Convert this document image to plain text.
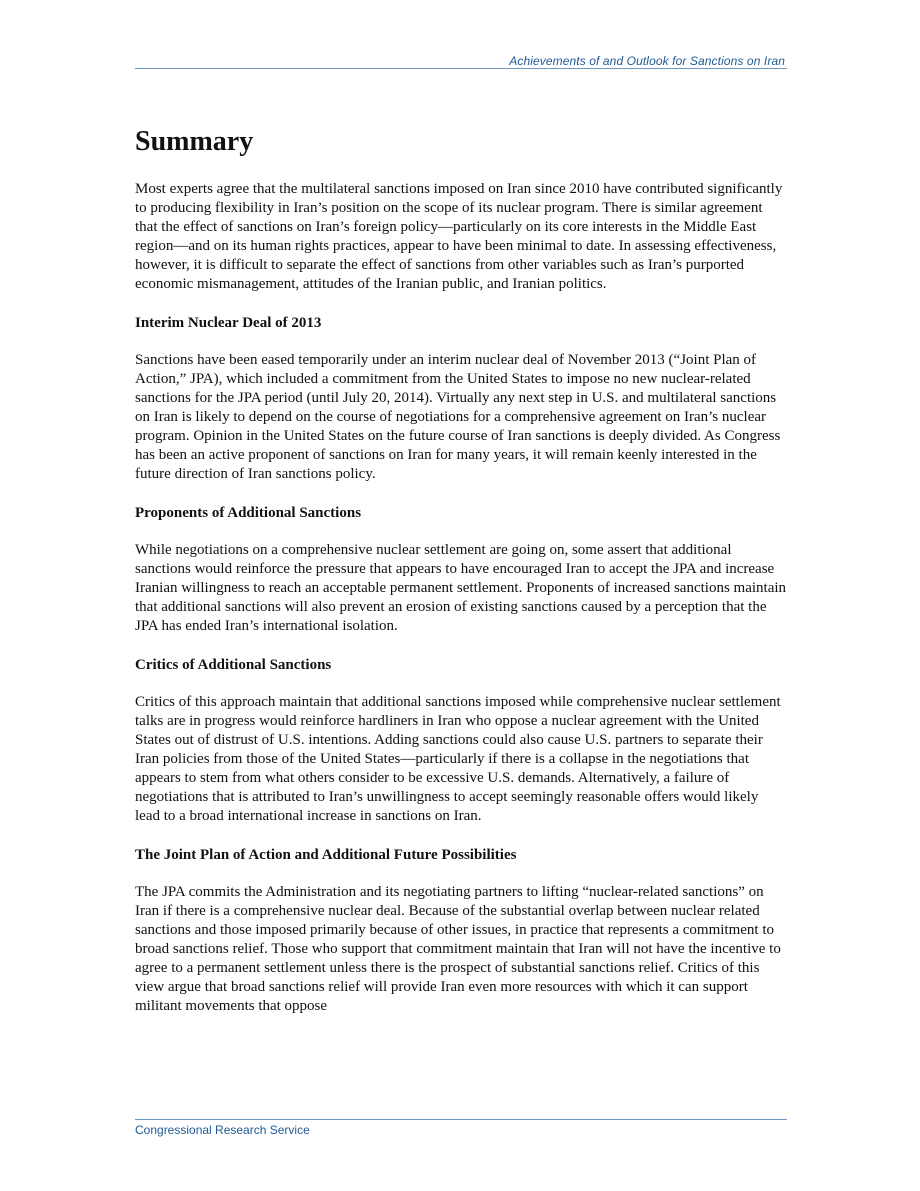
Achievements of and Outlook for Sanctions on Iran
Summary

Most experts agree that the multilateral sanctions imposed on Iran since 2010 have contributed significantly to producing flexibility in Iran’s position on the scope of its nuclear program. There is similar agreement that the effect of sanctions on Iran’s foreign policy—particularly on its core interests in the Middle East region—and on its human rights practices, appear to have been minimal to date. In assessing effectiveness, however, it is difficult to separate the effect of sanctions from other variables such as Iran’s purported economic mismanagement, attitudes of the Iranian public, and Iranian politics.

Interim Nuclear Deal of 2013

Sanctions have been eased temporarily under an interim nuclear deal of November 2013 (“Joint Plan of Action,” JPA), which included a commitment from the United States to impose no new nuclear-related sanctions for the JPA period (until July 20, 2014). Virtually any next step in U.S. and multilateral sanctions on Iran is likely to depend on the course of negotiations for a comprehensive agreement on Iran’s nuclear program. Opinion in the United States on the future course of Iran sanctions is deeply divided. As Congress has been an active proponent of sanctions on Iran for many years, it will remain keenly interested in the future direction of Iran sanctions policy.

Proponents of Additional Sanctions

While negotiations on a comprehensive nuclear settlement are going on, some assert that additional sanctions would reinforce the pressure that appears to have encouraged Iran to accept the JPA and increase Iranian willingness to reach an acceptable permanent settlement. Proponents of increased sanctions maintain that additional sanctions will also prevent an erosion of existing sanctions caused by a perception that the JPA has ended Iran’s international isolation.

Critics of Additional Sanctions

Critics of this approach maintain that additional sanctions imposed while comprehensive nuclear settlement talks are in progress would reinforce hardliners in Iran who oppose a nuclear agreement with the United States out of distrust of U.S. intentions. Adding sanctions could also cause U.S. partners to separate their Iran policies from those of the United States—particularly if there is a collapse in the negotiations that appears to stem from what others consider to be excessive U.S. demands. Alternatively, a failure of negotiations that is attributed to Iran’s unwillingness to accept seemingly reasonable offers would likely lead to a broad international increase in sanctions on Iran.

The Joint Plan of Action and Additional Future Possibilities

The JPA commits the Administration and its negotiating partners to lifting “nuclear-related sanctions” on Iran if there is a comprehensive nuclear deal. Because of the substantial overlap between nuclear related sanctions and those imposed primarily because of other issues, in practice that represents a commitment to broad sanctions relief. Those who support that commitment maintain that Iran will not have the incentive to agree to a permanent settlement unless there is the prospect of substantial sanctions relief. Critics of this view argue that broad sanctions relief will provide Iran even more resources with which it can support militant movements that oppose

Congressional Research Service
